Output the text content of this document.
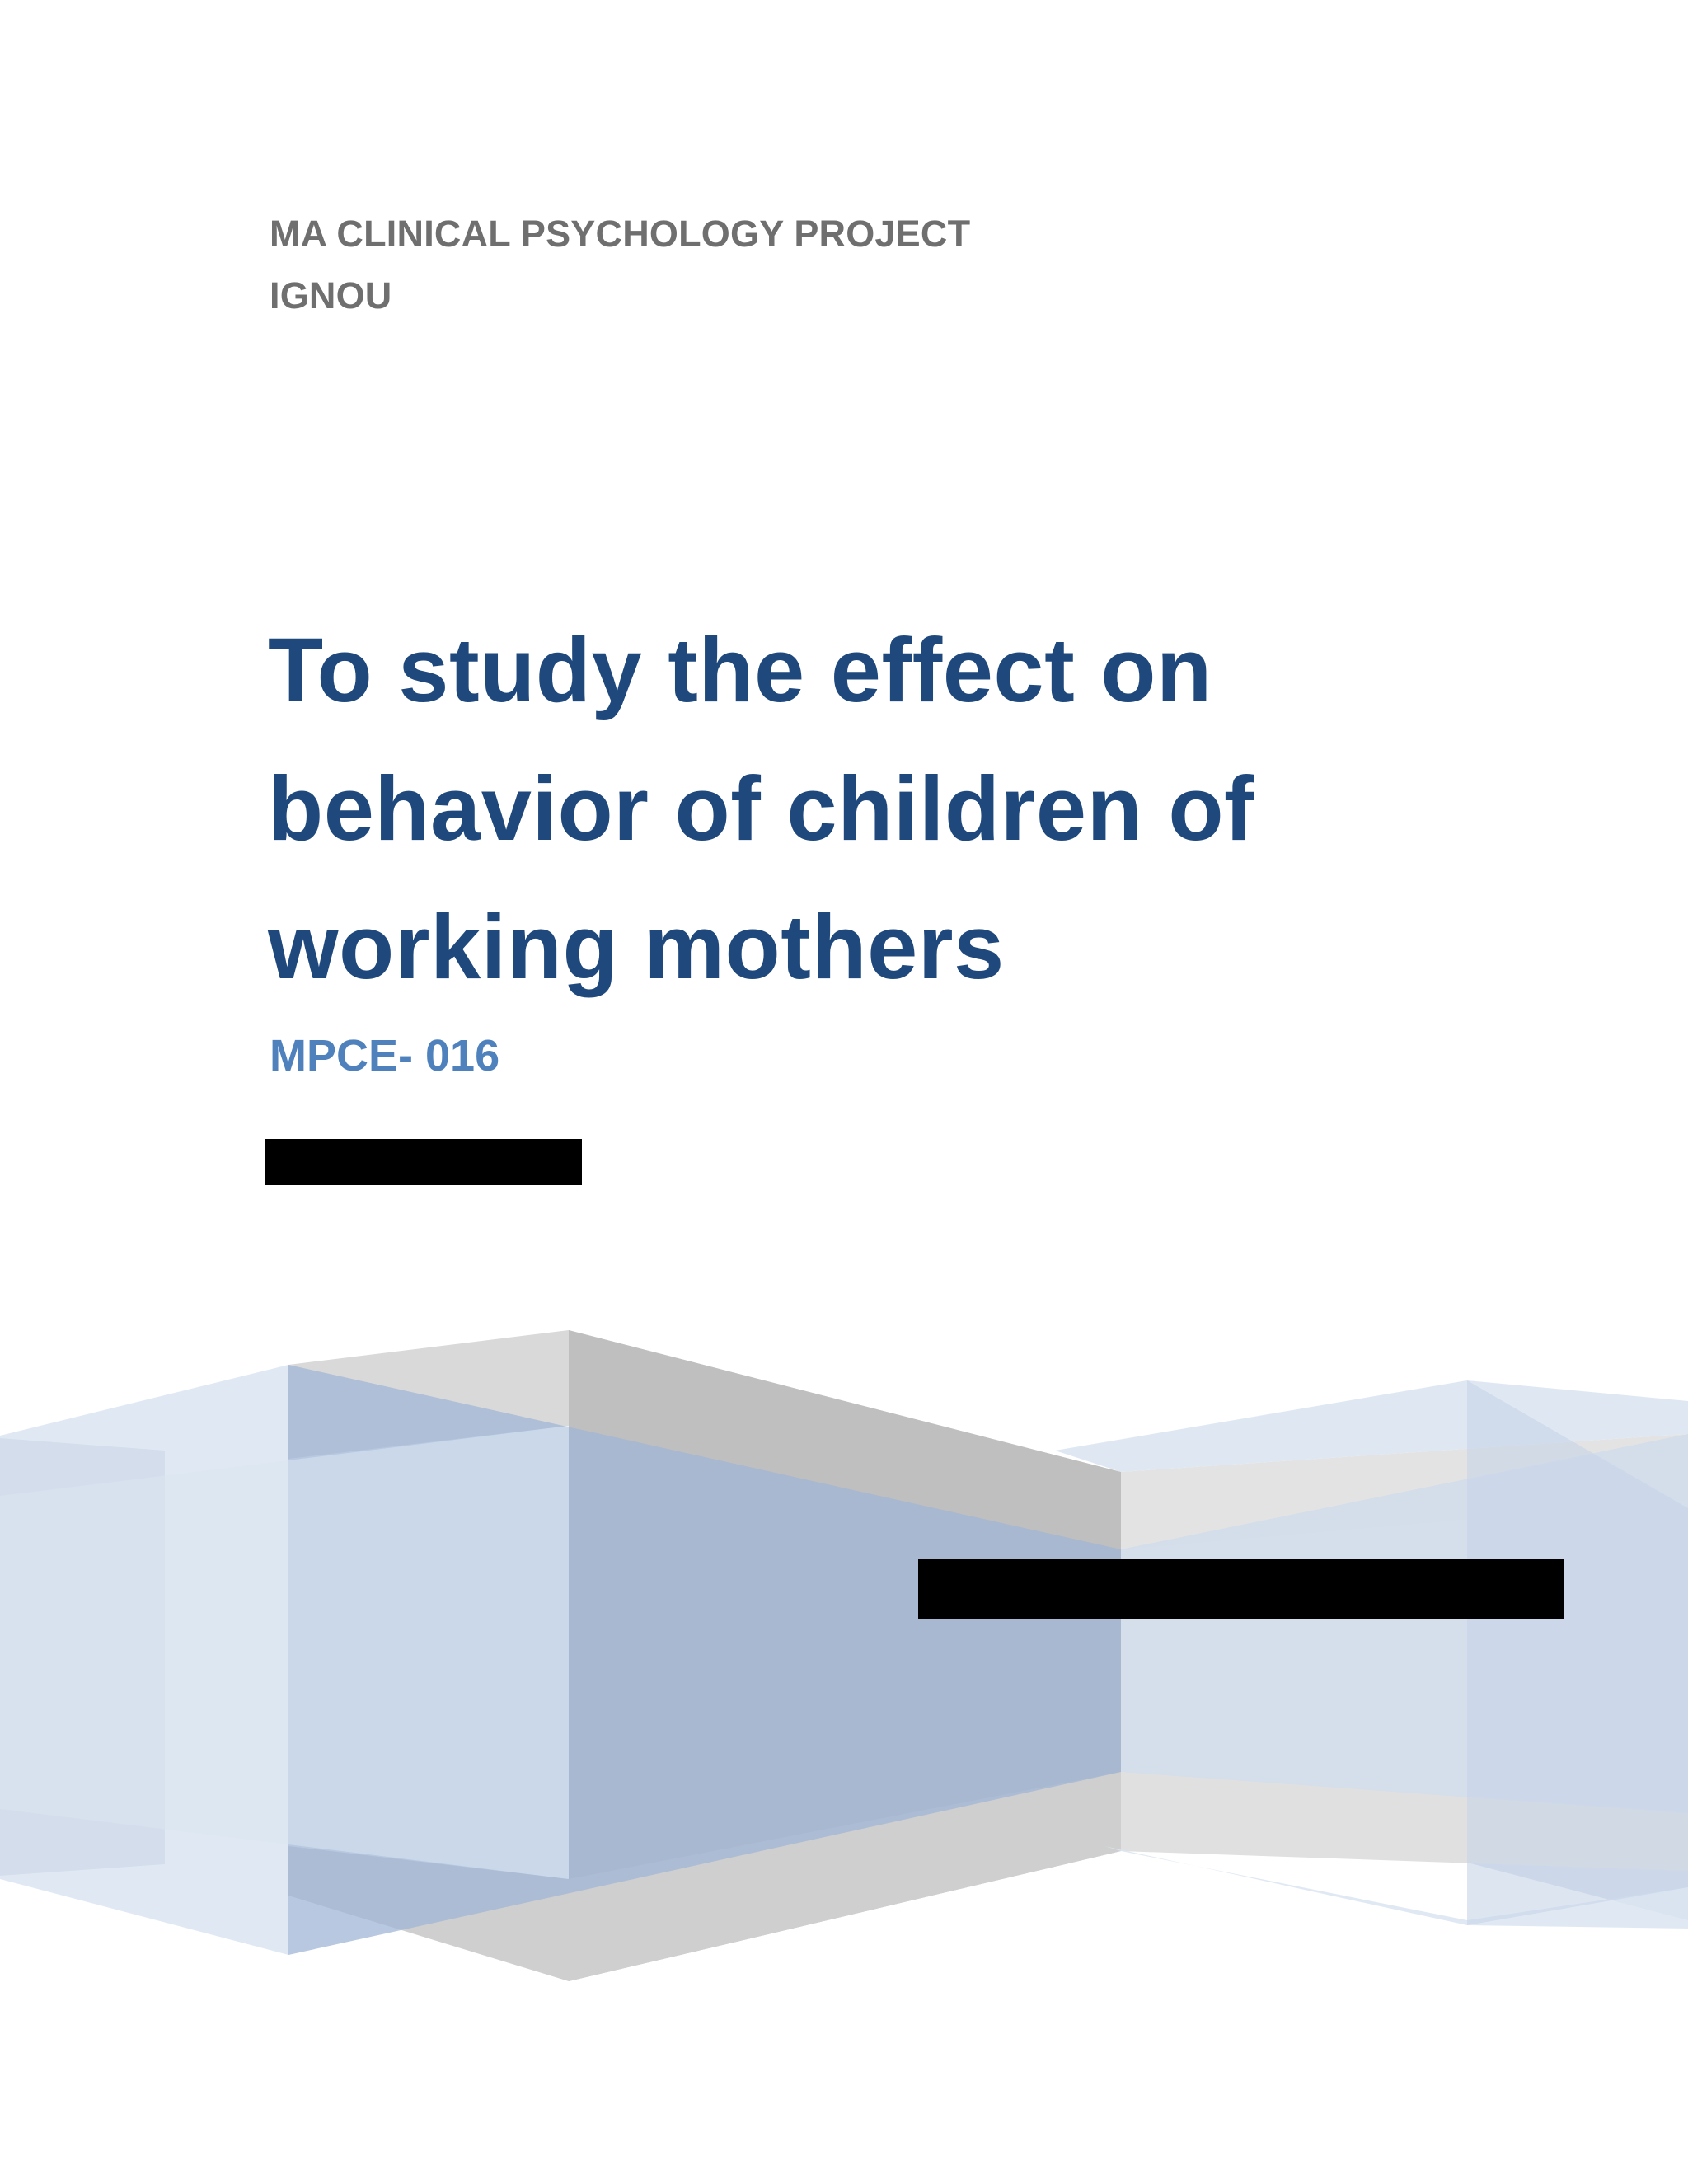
MA CLINICAL PSYCHOLOGY PROJECT
IGNOU
To study the effect on
behavior of children of
working mothers
MPCE- 016
